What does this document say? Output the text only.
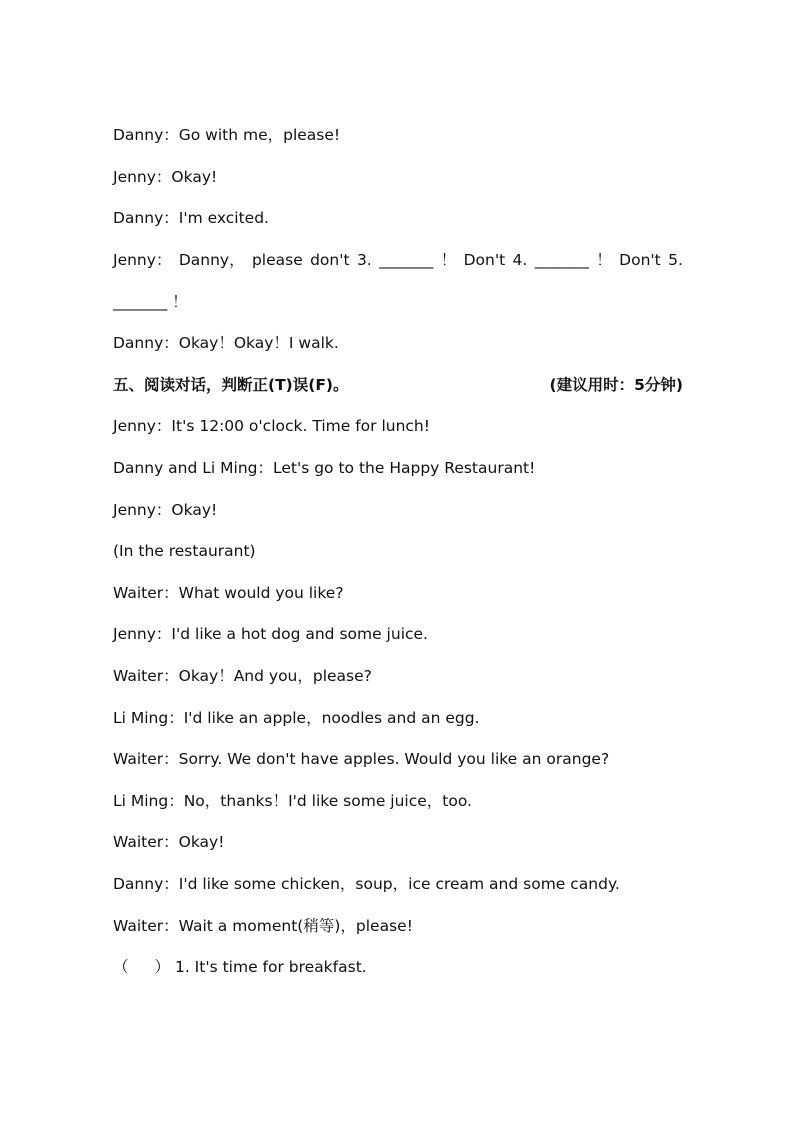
Danny：Go with me，please!
Jenny：Okay!
Danny：I'm excited.
Jenny： Danny， please don't 3. _______ ！ Don't 4. _______ ！ Don't 5.
_______ ！
Danny：Okay！Okay！I walk.
五、阅读对话，判断正(T)误(F)。	(建议用时：5分钟)
Jenny：It's 12:00 o'clock. Time for lunch!
Danny and Li Ming：Let's go to the Happy Restaurant!
Jenny：Okay!
(In the restaurant)
Waiter：What would you like?
Jenny：I'd like a hot dog and some juice.
Waiter：Okay！And you，please?
Li Ming：I'd like an apple，noodles and an egg.
Waiter：Sorry. We don't have apples. Would you like an orange?
Li Ming：No，thanks！I'd like some juice，too.
Waiter：Okay!
Danny：I'd like some chicken，soup，ice cream and some candy.
Waiter：Wait a moment(稍等)，please!
（ ） 1. It's time for breakfast.
